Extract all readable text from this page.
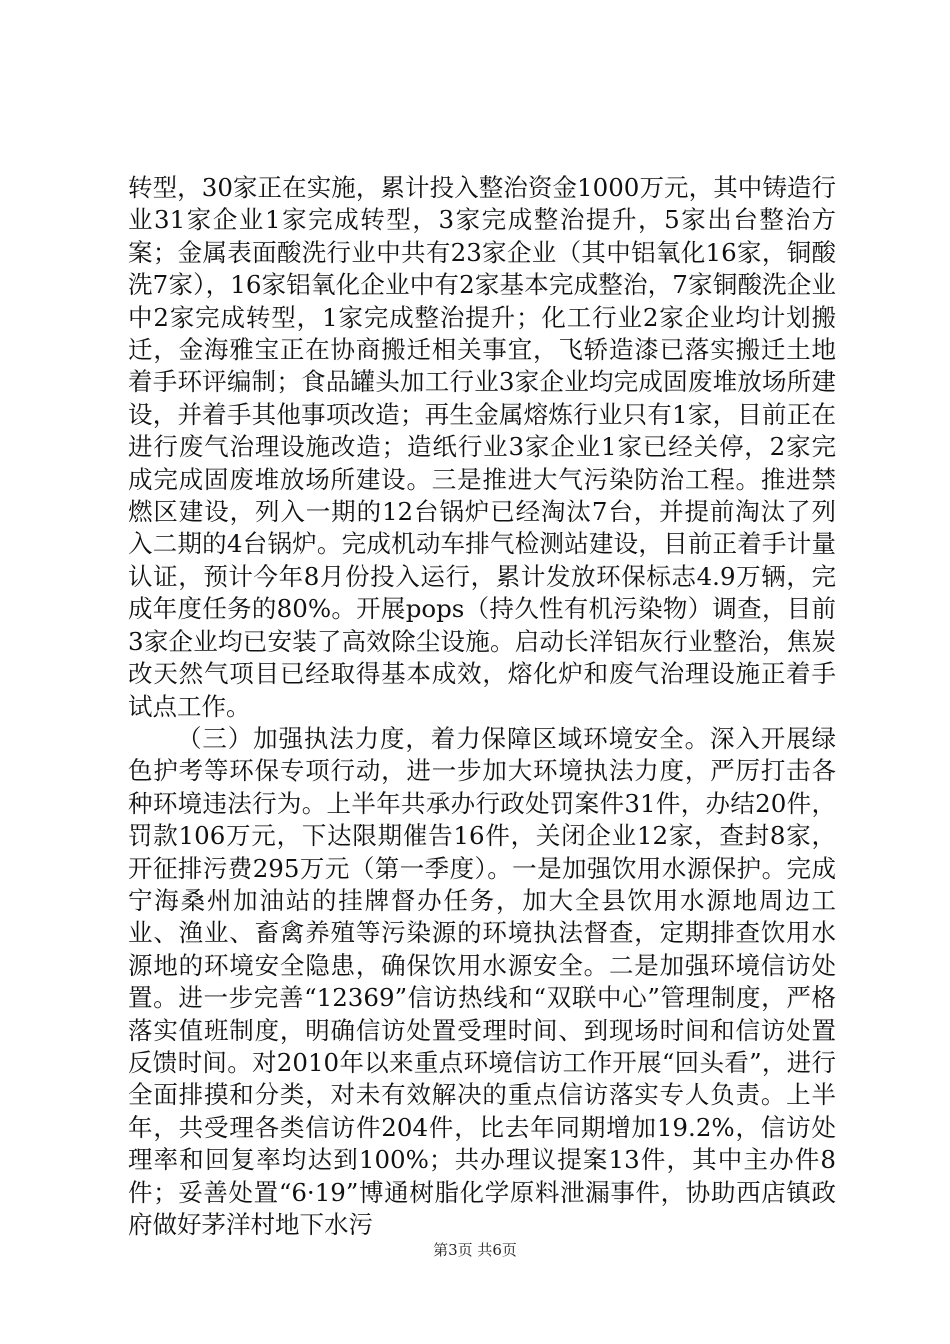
转型，30家正在实施，累计投入整治资金1000万元，其中铸造行业31家企业1家完成转型，3家完成整治提升，5家出台整治方案；金属表面酸洗行业中共有23家企业（其中铝氧化16家，铜酸洗7家），16家铝氧化企业中有2家基本完成整治，7家铜酸洗企业中2家完成转型，1家完成整治提升；化工行业2家企业均计划搬迁，金海雅宝正在协商搬迁相关事宜，飞轿造漆已落实搬迁土地着手环评编制；食品罐头加工行业3家企业均完成固废堆放场所建设，并着手其他事项改造；再生金属熔炼行业只有1家，目前正在进行废气治理设施改造；造纸行业3家企业1家已经关停，2家完成完成固废堆放场所建设。三是推进大气污染防治工程。推进禁燃区建设，列入一期的12台锅炉已经淘汰7台，并提前淘汰了列入二期的4台锅炉。完成机动车排气检测站建设，目前正着手计量认证，预计今年8月份投入运行，累计发放环保标志4.9万辆，完成年度任务的80%。开展pops（持久性有机污染物）调查，目前3家企业均已安装了高效除尘设施。启动长洋铝灰行业整治，焦炭改天然气项目已经取得基本成效，熔化炉和废气治理设施正着手试点工作。

（三）加强执法力度，着力保障区域环境安全。深入开展绿色护考等环保专项行动，进一步加大环境执法力度，严厉打击各种环境违法行为。上半年共承办行政处罚案件31件，办结20件，罚款106万元，下达限期催告16件，关闭企业12家，查封8家，开征排污费295万元（第一季度）。一是加强饮用水源保护。完成宁海桑州加油站的挂牌督办任务，加大全县饮用水源地周边工业、渔业、畜禽养殖等污染源的环境执法督查，定期排查饮用水源地的环境安全隐患，确保饮用水源安全。二是加强环境信访处置。进一步完善“12369”信访热线和“双联中心”管理制度，严格落实值班制度，明确信访处置受理时间、到现场时间和信访处置反馈时间。对2010年以来重点环境信访工作开展“回头看”，进行全面排摸和分类，对未有效解决的重点信访落实专人负责。上半年，共受理各类信访件204件，比去年同期增加19.2%，信访处理率和回复率均达到100%；共办理议提案13件，其中主办件8件；妥善处置“6·19”博通树脂化学原料泄漏事件，协助西店镇政府做好茅洋村地下水污

第3页 共6页
